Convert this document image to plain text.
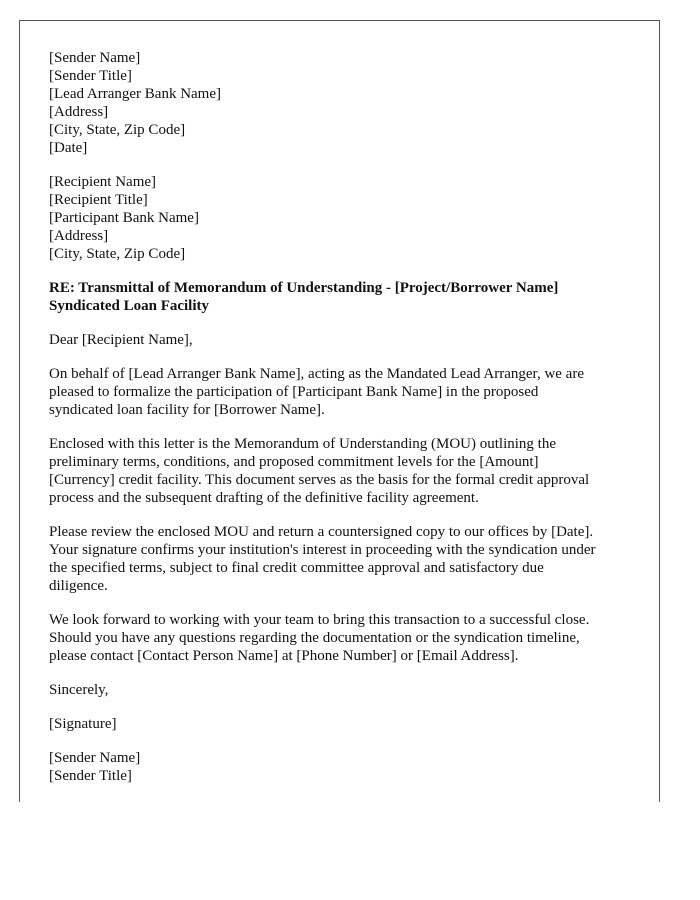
[Sender Name]
[Sender Title]
[Lead Arranger Bank Name]
[Address]
[City, State, Zip Code]
[Date]
[Recipient Name]
[Recipient Title]
[Participant Bank Name]
[Address]
[City, State, Zip Code]
RE: Transmittal of Memorandum of Understanding - [Project/Borrower Name]
Syndicated Loan Facility

Dear [Recipient Name],

On behalf of [Lead Arranger Bank Name], acting as the Mandated Lead Arranger, we are
pleased to formalize the participation of [Participant Bank Name] in the proposed
syndicated loan facility for [Borrower Name].

Enclosed with this letter is the Memorandum of Understanding (MOU) outlining the
preliminary terms, conditions, and proposed commitment levels for the [Amount]
[Currency] credit facility. This document serves as the basis for the formal credit approval
process and the subsequent drafting of the definitive facility agreement.

Please review the enclosed MOU and return a countersigned copy to our offices by [Date].
Your signature confirms your institution's interest in proceeding with the syndication under
the specified terms, subject to final credit committee approval and satisfactory due
diligence.

We look forward to working with your team to bring this transaction to a successful close.
Should you have any questions regarding the documentation or the syndication timeline,
please contact [Contact Person Name] at [Phone Number] or [Email Address].

Sincerely,

[Signature]

[Sender Name]
[Sender Title]
